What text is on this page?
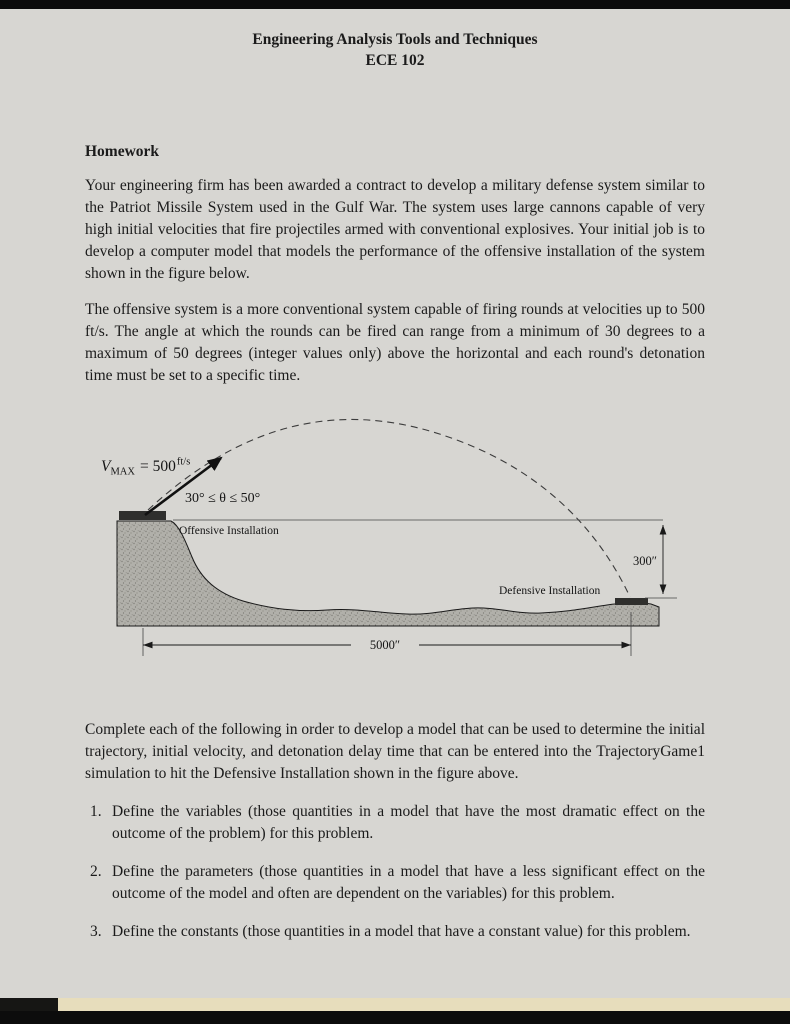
Engineering Analysis Tools and Techniques
ECE 102
Homework

Your engineering firm has been awarded a contract to develop a military defense system similar to the Patriot Missile System used in the Gulf War. The system uses large cannons capable of very high initial velocities that fire projectiles armed with conventional explosives. Your initial job is to develop a computer model that models the performance of the offensive installation of the system shown in the figure below.

The offensive system is a more conventional system capable of firing rounds at velocities up to 500 ft/s. The angle at which the rounds can be fired can range from a minimum of 30 degrees to a maximum of 50 degrees (integer values only) above the horizontal and each round's detonation time must be set to a specific time.

$V_{MAX} = 500^{ft/s}$
30° ≤ θ ≤ 50°
Offensive Installation
Defensive Installation
300″
5000″

Complete each of the following in order to develop a model that can be used to determine the initial trajectory, initial velocity, and detonation delay time that can be entered into the TrajectoryGame1 simulation to hit the Defensive Installation shown in the figure above.

1. Define the variables (those quantities in a model that have the most dramatic effect on the outcome of the problem) for this problem.
2. Define the parameters (those quantities in a model that have a less significant effect on the outcome of the model and often are dependent on the variables) for this problem.
3. Define the constants (those quantities in a model that have a constant value) for this problem.
